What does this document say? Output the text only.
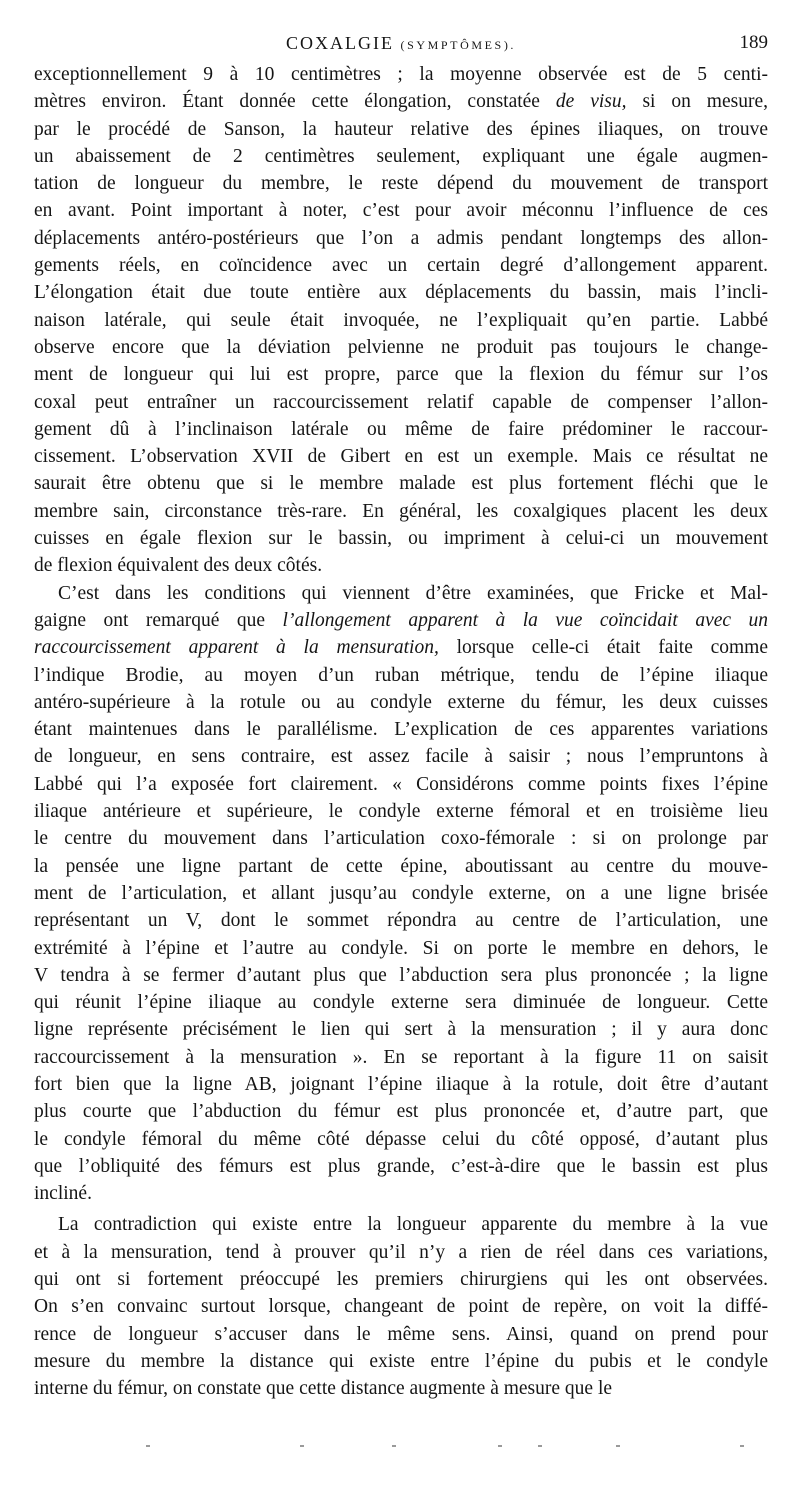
COXALGIE (SYMPTÔMES).	189
exceptionnellement 9 à 10 centimètres ; la moyenne observée est de 5 centi-
mètres environ. Étant donnée cette élongation, constatée de visu, si on mesure,
par le procédé de Sanson, la hauteur relative des épines iliaques, on trouve
un abaissement de 2 centimètres seulement, expliquant une égale augmen-
tation de longueur du membre, le reste dépend du mouvement de transport
en avant. Point important à noter, c’est pour avoir méconnu l’influence de ces
déplacements antéro-postérieurs que l’on a admis pendant longtemps des allon-
gements réels, en coïncidence avec un certain degré d’allongement apparent.
L’élongation était due toute entière aux déplacements du bassin, mais l’incli-
naison latérale, qui seule était invoquée, ne l’expliquait qu’en partie. Labbé
observe encore que la déviation pelvienne ne produit pas toujours le change-
ment de longueur qui lui est propre, parce que la flexion du fémur sur l’os
coxal peut entraîner un raccourcissement relatif capable de compenser l’allon-
gement dû à l’inclinaison latérale ou même de faire prédominer le raccour-
cissement. L’observation XVII de Gibert en est un exemple. Mais ce résultat ne
saurait être obtenu que si le membre malade est plus fortement fléchi que le
membre sain, circonstance très-rare. En général, les coxalgiques placent les deux
cuisses en égale flexion sur le bassin, ou impriment à celui-ci un mouvement
de flexion équivalent des deux côtés.
C’est dans les conditions qui viennent d’être examinées, que Fricke et Mal-
gaigne ont remarqué que l’allongement apparent à la vue coïncidait avec un
raccourcissement apparent à la mensuration, lorsque celle-ci était faite comme
l’indique Brodie, au moyen d’un ruban métrique, tendu de l’épine iliaque
antéro-supérieure à la rotule ou au condyle externe du fémur, les deux cuisses
étant maintenues dans le parallélisme. L’explication de ces apparentes variations
de longueur, en sens contraire, est assez facile à saisir ; nous l’empruntons à
Labbé qui l’a exposée fort clairement. « Considérons comme points fixes l’épine
iliaque antérieure et supérieure, le condyle externe fémoral et en troisième lieu
le centre du mouvement dans l’articulation coxo-fémorale : si on prolonge par
la pensée une ligne partant de cette épine, aboutissant au centre du mouve-
ment de l’articulation, et allant jusqu’au condyle externe, on a une ligne brisée
représentant un V, dont le sommet répondra au centre de l’articulation, une
extrémité à l’épine et l’autre au condyle. Si on porte le membre en dehors, le
V tendra à se fermer d’autant plus que l’abduction sera plus prononcée ; la ligne
qui réunit l’épine iliaque au condyle externe sera diminuée de longueur. Cette
ligne représente précisément le lien qui sert à la mensuration ; il y aura donc
raccourcissement à la mensuration ». En se reportant à la figure 11 on saisit
fort bien que la ligne AB, joignant l’épine iliaque à la rotule, doit être d’autant
plus courte que l’abduction du fémur est plus prononcée et, d’autre part, que
le condyle fémoral du même côté dépasse celui du côté opposé, d’autant plus
que l’obliquité des fémurs est plus grande, c’est-à-dire que le bassin est plus
incliné.
La contradiction qui existe entre la longueur apparente du membre à la vue
et à la mensuration, tend à prouver qu’il n’y a rien de réel dans ces variations,
qui ont si fortement préoccupé les premiers chirurgiens qui les ont observées.
On s’en convainc surtout lorsque, changeant de point de repère, on voit la diffé-
rence de longueur s’accuser dans le même sens. Ainsi, quand on prend pour
mesure du membre la distance qui existe entre l’épine du pubis et le condyle
interne du fémur, on constate que cette distance augmente à mesure que le
